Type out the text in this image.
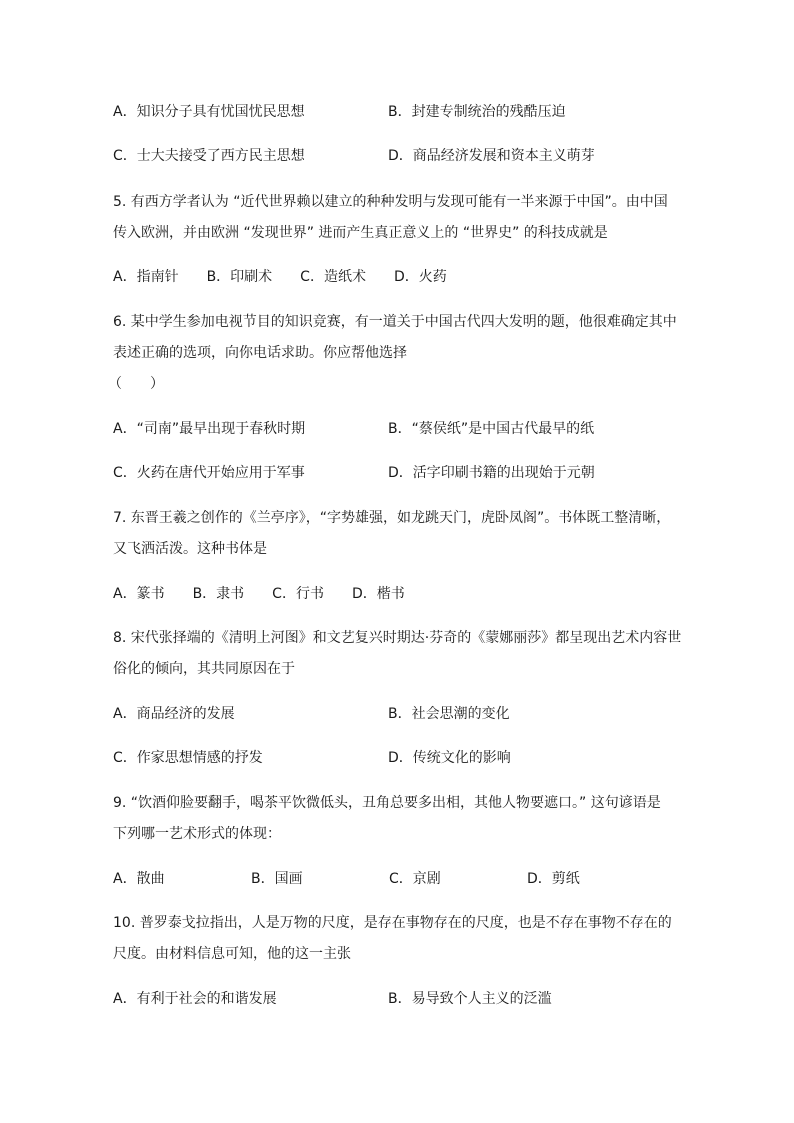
A．知识分子具有忧国忧民思想	B．封建专制统治的残酷压迫
C．士大夫接受了西方民主思想	D．商品经济发展和资本主义萌芽
5. 有西方学者认为 “近代世界赖以建立的种种发明与发现可能有一半来源于中国”。由中国
传入欧洲，并由欧洲 “发现世界” 进而产生真正意义上的 “世界史” 的科技成就是
A．指南针　　B．印刷术　　C．造纸术　　D．火药
6. 某中学生参加电视节目的知识竞赛，有一道关于中国古代四大发明的题，他很难确定其中
表述正确的选项，向你电话求助。你应帮他选择
（　　）
A．“司南”最早出现于春秋时期	B．“蔡侯纸”是中国古代最早的纸
C．火药在唐代开始应用于军事	D．活字印刷书籍的出现始于元朝
7. 东晋王羲之创作的《兰亭序》，“字势雄强，如龙跳天门，虎卧凤阁”。书体既工整清晰，
又飞洒活泼。这种书体是
A．篆书　　B．隶书　　C．行书　　D．楷书
8. 宋代张择端的《清明上河图》和文艺复兴时期达·芬奇的《蒙娜丽莎》都呈现出艺术内容世
俗化的倾向，其共同原因在于
A．商品经济的发展	B．社会思潮的变化
C．作家思想情感的抒发	D．传统文化的影响
9. “饮酒仰脸要翻手，喝茶平饮微低头，丑角总要多出相，其他人物要遮口。” 这句谚语是
下列哪一艺术形式的体现：
A．散曲	B．国画	C．京剧	D．剪纸
10. 普罗泰戈拉指出，人是万物的尺度，是存在事物存在的尺度，也是不存在事物不存在的
尺度。由材料信息可知，他的这一主张
A．有利于社会的和谐发展	B．易导致个人主义的泛滥
